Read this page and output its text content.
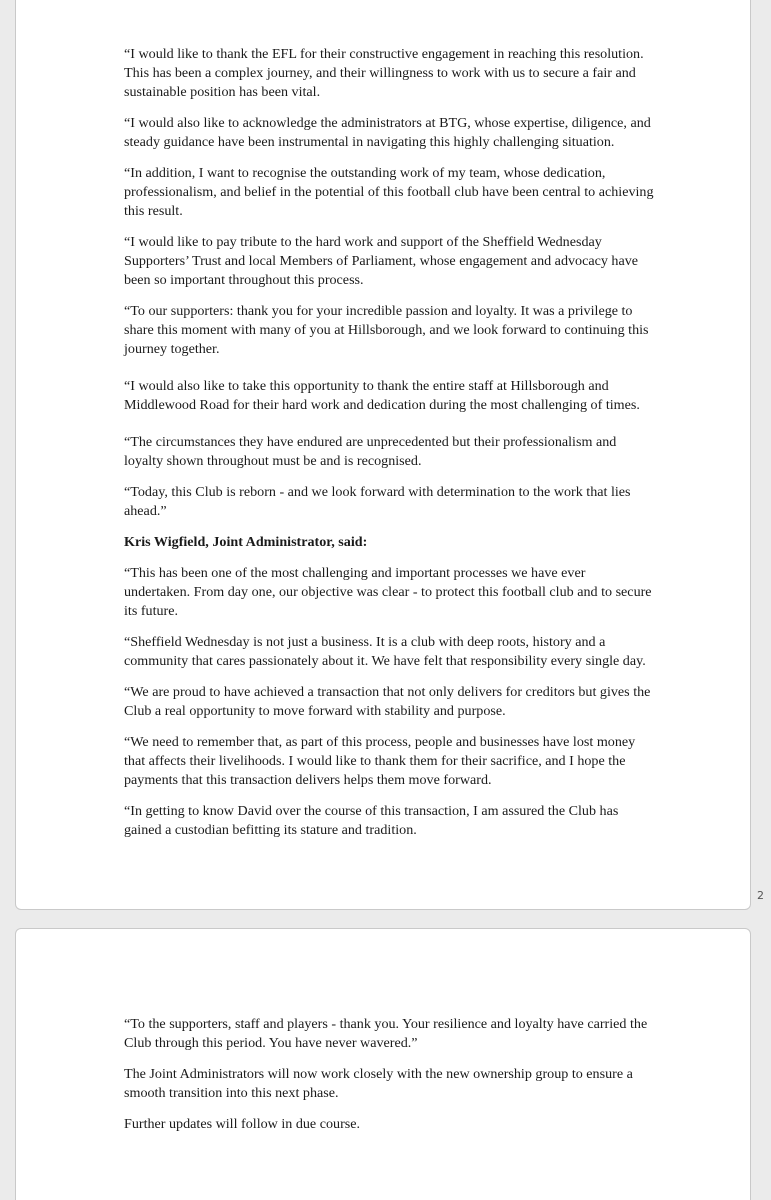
“I would like to thank the EFL for their constructive engagement in reaching this resolution. This has been a complex journey, and their willingness to work with us to secure a fair and sustainable position has been vital.

“I would also like to acknowledge the administrators at BTG, whose expertise, diligence, and steady guidance have been instrumental in navigating this highly challenging situation.

“In addition, I want to recognise the outstanding work of my team, whose dedication, professionalism, and belief in the potential of this football club have been central to achieving this result.

“I would like to pay tribute to the hard work and support of the Sheffield Wednesday Supporters’ Trust and local Members of Parliament, whose engagement and advocacy have been so important throughout this process.

“To our supporters: thank you for your incredible passion and loyalty. It was a privilege to share this moment with many of you at Hillsborough, and we look forward to continuing this journey together.

“I would also like to take this opportunity to thank the entire staff at Hillsborough and Middlewood Road for their hard work and dedication during the most challenging of times.

“The circumstances they have endured are unprecedented but their professionalism and loyalty shown throughout must be and is recognised.

“Today, this Club is reborn - and we look forward with determination to the work that lies ahead.”

Kris Wigfield, Joint Administrator, said:

“This has been one of the most challenging and important processes we have ever undertaken. From day one, our objective was clear - to protect this football club and to secure its future.

“Sheffield Wednesday is not just a business. It is a club with deep roots, history and a community that cares passionately about it. We have felt that responsibility every single day.

“We are proud to have achieved a transaction that not only delivers for creditors but gives the Club a real opportunity to move forward with stability and purpose.

“We need to remember that, as part of this process, people and businesses have lost money that affects their livelihoods. I would like to thank them for their sacrifice, and I hope the payments that this transaction delivers helps them move forward.

“In getting to know David over the course of this transaction, I am assured the Club has gained a custodian befitting its stature and tradition.

2

“To the supporters, staff and players - thank you. Your resilience and loyalty have carried the Club through this period. You have never wavered.”

The Joint Administrators will now work closely with the new ownership group to ensure a smooth transition into this next phase.

Further updates will follow in due course.
